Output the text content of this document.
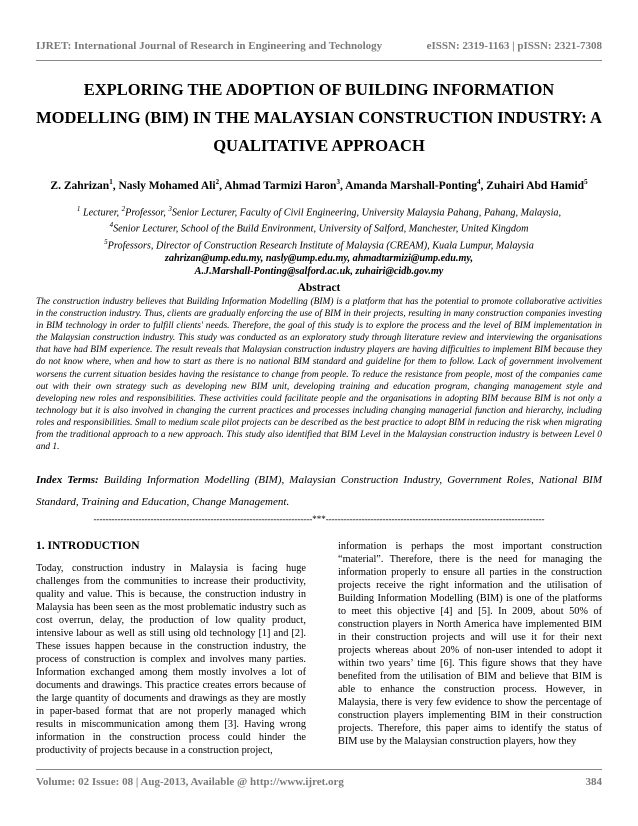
IJRET: International Journal of Research in Engineering and Technology	eISSN: 2319-1163 | pISSN: 2321-7308
EXPLORING THE ADOPTION OF BUILDING INFORMATION MODELLING (BIM) IN THE MALAYSIAN CONSTRUCTION INDUSTRY: A QUALITATIVE APPROACH
Z. Zahrizan$^1$, Nasly Mohamed Ali$^2$, Ahmad Tarmizi Haron$^3$, Amanda Marshall-Ponting$^4$, Zuhairi Abd Hamid$^5$
$^1$ Lecturer, $^2$Professor, $^3$Senior Lecturer, Faculty of Civil Engineering, University Malaysia Pahang, Pahang, Malaysia,
$^4$Senior Lecturer, School of the Build Environment, University of Salford, Manchester, United Kingdom
$^5$Professors, Director of Construction Research Institute of Malaysia (CREAM), Kuala Lumpur, Malaysia
zahrizan@ump.edu.my, nasly@ump.edu.my, ahmadtarmizi@ump.edu.my,
A.J.Marshall-Ponting@salford.ac.uk, zuhairi@cidb.gov.my
Abstract
The construction industry believes that Building Information Modelling (BIM) is a platform that has the potential to promote collaborative activities in the construction industry. Thus, clients are gradually enforcing the use of BIM in their projects, resulting in many construction companies investing in BIM technology in order to fulfill clients' needs. Therefore, the goal of this study is to explore the process and the level of BIM implementation in the Malaysian construction industry. This study was conducted as an exploratory study through literature review and interviewing the organisations that have had BIM experience. The result reveals that Malaysian construction industry players are having difficulties to implement BIM because they do not know where, when and how to start as there is no national BIM standard and guideline for them to follow. Lack of government involvement worsens the current situation besides having the resistance to change from people. To reduce the resistance from people, most of the companies came out with their own strategy such as developing new BIM unit, developing training and education program, changing management style and developing new roles and responsibilities. These activities could facilitate people and the organisations in adopting BIM because BIM is not only a technology but it is also involved in changing the current practices and processes including changing managerial function and hierarchy, including roles and responsibilities. Small to medium scale pilot projects can be described as the best practice to adopt BIM in reducing the risk when migrating from the traditional approach to a new approach. This study also identified that BIM Level in the Malaysian construction industry is between Level 0 and 1.
Index Terms: Building Information Modelling (BIM), Malaysian Construction Industry, Government Roles, National BIM Standard, Training and Education, Change Management.
-------------------------------------------------------------------------***-------------------------------------------------------------------------
1. INTRODUCTION

Today, construction industry in Malaysia is facing huge challenges from the communities to increase their productivity, quality and value. This is because, the construction industry in Malaysia has been seen as the most problematic industry such as cost overrun, delay, the production of low quality product, intensive labour as well as still using old technology [1] and [2]. These issues happen because in the construction industry, the process of construction is complex and involves many parties. Information exchanged among them mostly involves a lot of documents and drawings. This practice creates errors because of the large quantity of documents and drawings as they are mostly in paper-based format that are not properly managed which results in miscommunication among them [3]. Having wrong information in the construction process could hinder the productivity of projects because in a construction project,

information is perhaps the most important construction “material”. Therefore, there is the need for managing the information properly to ensure all parties in the construction projects receive the right information and the utilisation of Building Information Modelling (BIM) is one of the platforms to meet this objective [4] and [5]. In 2009, about 50% of construction players in North America have implemented BIM in their construction projects and will use it for their next projects whereas about 20% of non-user intended to adopt it within two years’ time [6]. This figure shows that they have benefited from the utilisation of BIM and believe that BIM is able to enhance the construction process. However, in Malaysia, there is very few evidence to show the percentage of construction players implementing BIM in their construction projects. Therefore, this paper aims to identify the status of BIM use by the Malaysian construction players, how they

Volume: 02 Issue: 08 | Aug-2013, Available @ http://www.ijret.org	384
